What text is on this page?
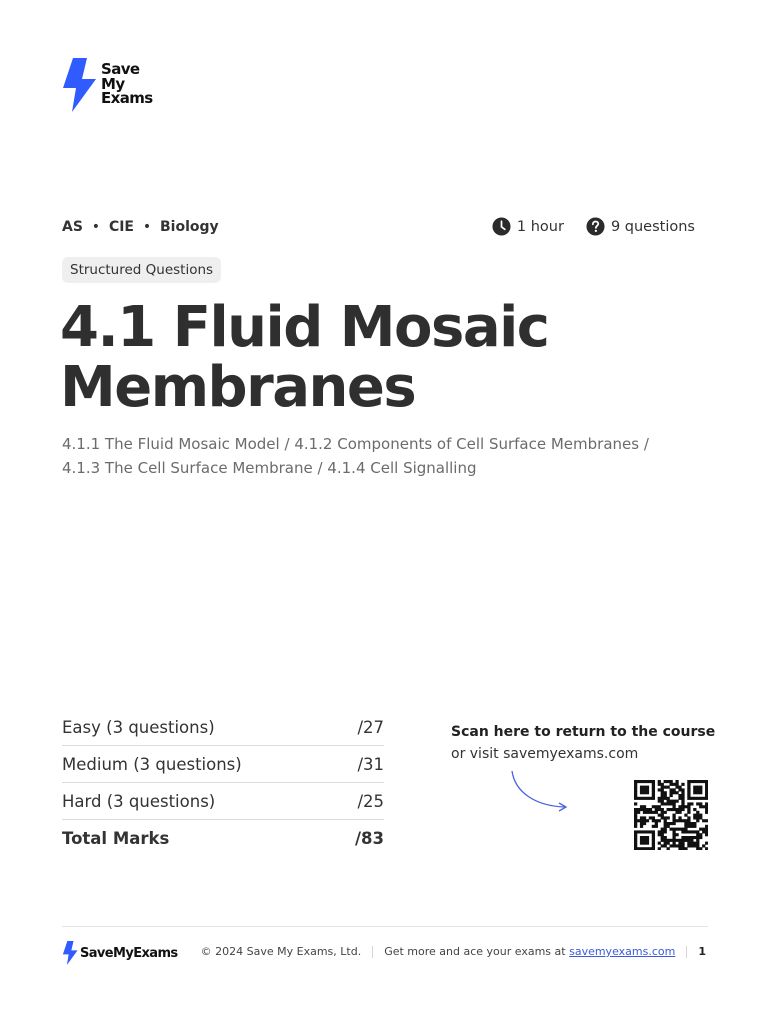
Save
My
Exams
AS • CIE • Biology	1 hour	9 questions
Structured Questions
4.1 Fluid Mosaic
Membranes
4.1.1 The Fluid Mosaic Model / 4.1.2 Components of Cell Surface Membranes /
4.1.3 The Cell Surface Membrane / 4.1.4 Cell Signalling
Easy (3 questions)	/27
Medium (3 questions)	/31
Hard (3 questions)	/25
Total Marks	/83
Scan here to return to the course
or visit savemyexams.com
SaveMyExams © 2024 Save My Exams, Ltd. Get more and ace your exams at savemyexams.com 1
